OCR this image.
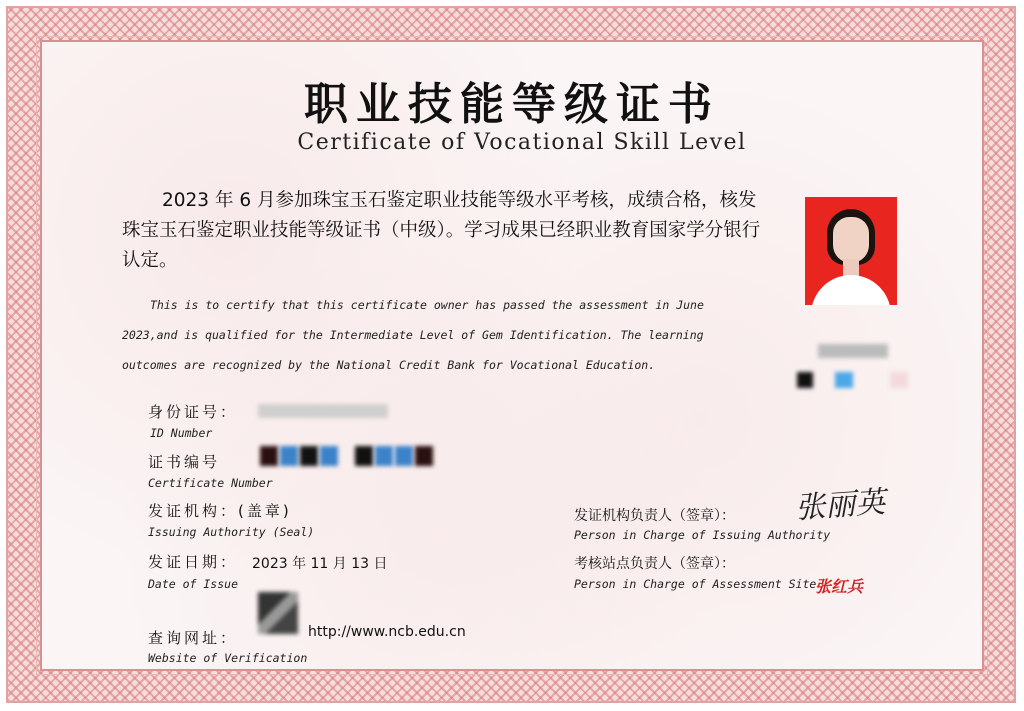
职业技能等级证书
Certificate of Vocational Skill Level
2023 年 6 月参加珠宝玉石鉴定职业技能等级水平考核，成绩合格，核发珠宝玉石鉴定职业技能等级证书（中级）。学习成果已经职业教育国家学分银行认定。
This is to certify that this certificate owner has passed the assessment in June 2023,and is qualified for the Intermediate Level of Gem Identification. The learning outcomes are recognized by the National Credit Bank for Vocational Education.
身份证号：
ID Number
证书编号
Certificate Number
发证机构：(盖章)
Issuing Authority (Seal)
发证日期： 2023 年 11 月 13 日
Date of Issue
查询网址：	http://www.ncb.edu.cn
Website of Verification
发证机构负责人（签章）：
Person in Charge of Issuing Authority
张丽英
考核站点负责人（签章）：
Person in Charge of Assessment Site
张红兵
